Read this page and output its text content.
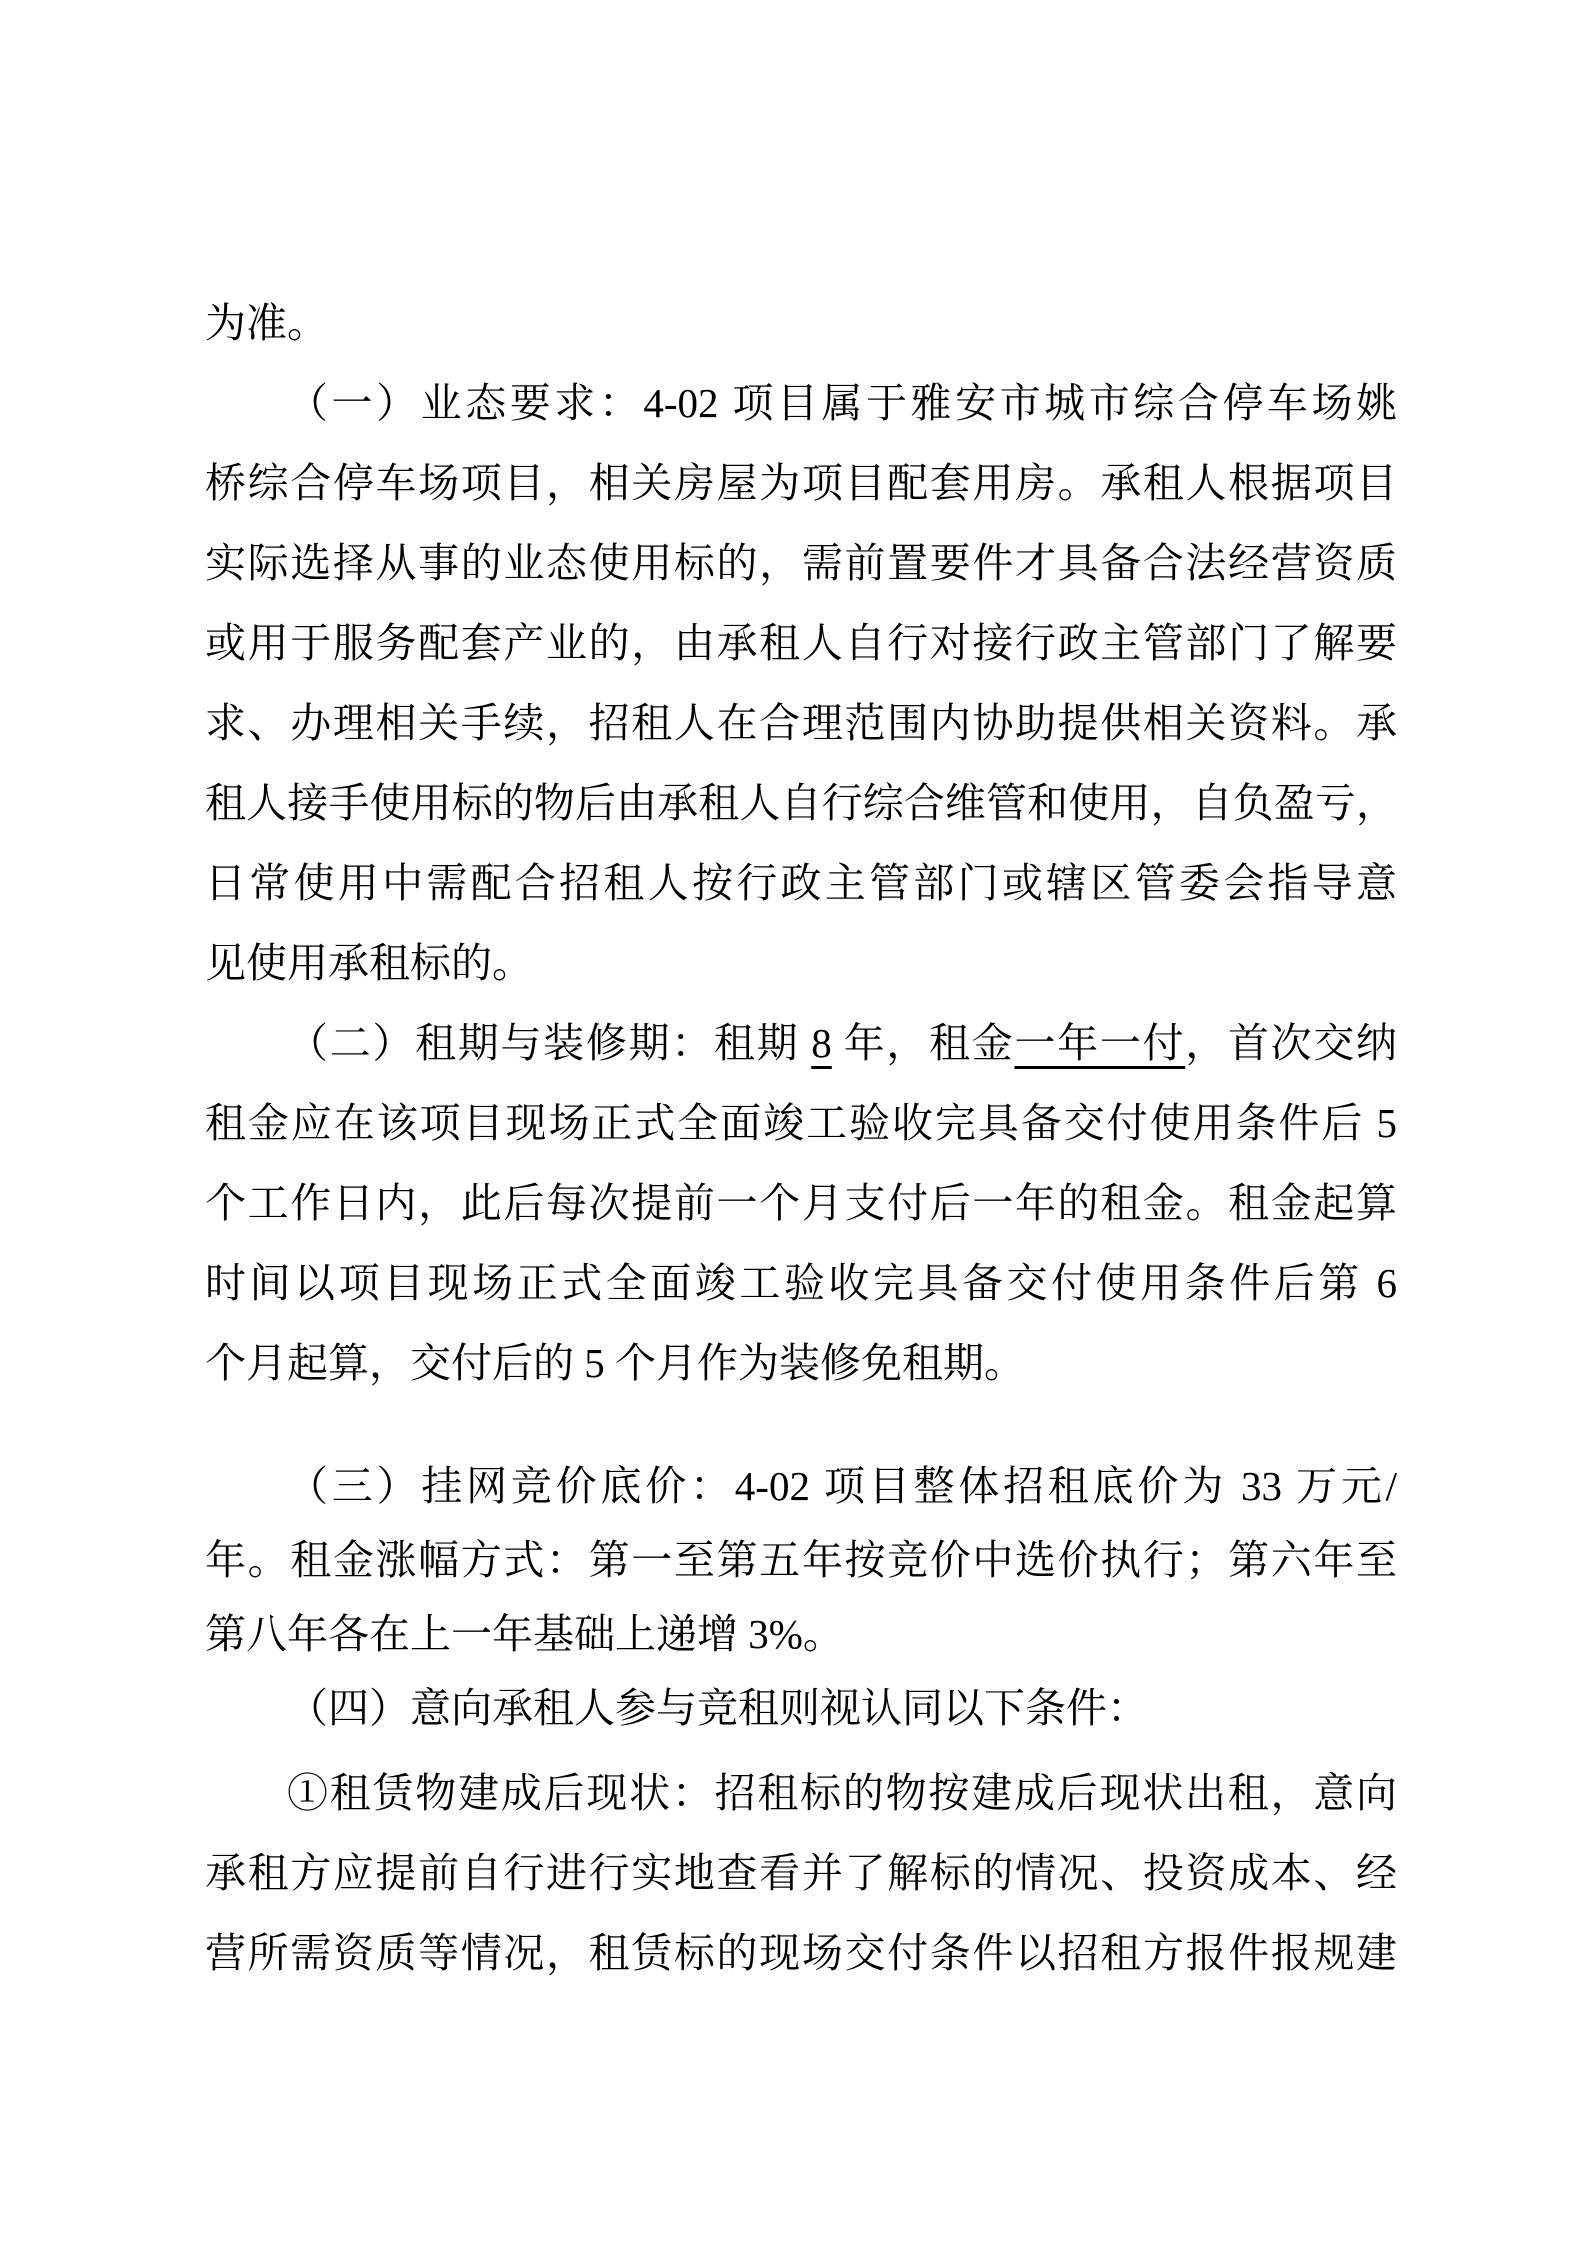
为准。
（一）业态要求：4-02 项目属于雅安市城市综合停车场姚
桥综合停车场项目，相关房屋为项目配套用房。承租人根据项目
实际选择从事的业态使用标的，需前置要件才具备合法经营资质
或用于服务配套产业的，由承租人自行对接行政主管部门了解要
求、办理相关手续，招租人在合理范围内协助提供相关资料。承
租人接手使用标的物后由承租人自行综合维管和使用，自负盈亏，
日常使用中需配合招租人按行政主管部门或辖区管委会指导意
见使用承租标的。
（二）租期与装修期：租期 8 年，租金一年一付，首次交纳
租金应在该项目现场正式全面竣工验收完具备交付使用条件后 5
个工作日内，此后每次提前一个月支付后一年的租金。租金起算
时间以项目现场正式全面竣工验收完具备交付使用条件后第 6
个月起算，交付后的 5 个月作为装修免租期。
（三）挂网竞价底价：4-02 项目整体招租底价为 33 万元/
年。租金涨幅方式：第一至第五年按竞价中选价执行；第六年至
第八年各在上一年基础上递增 3%。
（四）意向承租人参与竞租则视认同以下条件：
①租赁物建成后现状：招租标的物按建成后现状出租，意向
承租方应提前自行进行实地查看并了解标的情况、投资成本、经
营所需资质等情况，租赁标的现场交付条件以招租方报件报规建
